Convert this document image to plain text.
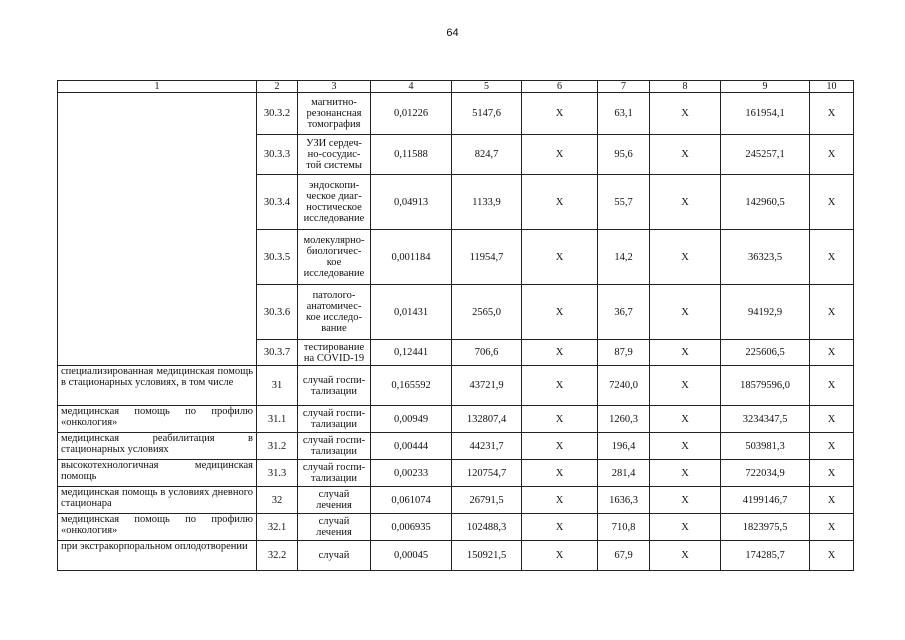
64
1	2	3	4	5	6	7	8	9	10
	30.3.2	магнитно-
резонансная
томография	0,01226	5147,6	Х	63,1	Х	161954,1	Х
	30.3.3	УЗИ сердеч-
но-сосудис-
той системы	0,11588	824,7	Х	95,6	Х	245257,1	Х
	30.3.4	эндоскопи-
ческое диаг-
ностическое
исследование	0,04913	1133,9	Х	55,7	Х	142960,5	Х
	30.3.5	молекулярно-
биологичес-
кое
исследование	0,001184	11954,7	Х	14,2	Х	36323,5	Х
	30.3.6	патолого-
анатомичес-
кое исследо-
вание	0,01431	2565,0	Х	36,7	Х	94192,9	Х
	30.3.7	тестирование
на COVID-19	0,12441	706,6	Х	87,9	Х	225606,5	Х
специализированная медицинская помощь в стационарных условиях, в том числе	31	случай госпи-
тализации	0,165592	43721,9	Х	7240,0	Х	18579596,0	Х
медицинская помощь по профилю «онкология»	31.1	случай госпи-
тализации	0,00949	132807,4	Х	1260,3	Х	3234347,5	Х
медицинская реабилитация в стационарных условиях	31.2	случай госпи-
тализации	0,00444	44231,7	Х	196,4	Х	503981,3	Х
высокотехнологичная медицинская помощь	31.3	случай госпи-
тализации	0,00233	120754,7	Х	281,4	Х	722034,9	Х
медицинская помощь в условиях дневного стационара	32	случай
лечения	0,061074	26791,5	Х	1636,3	Х	4199146,7	Х
медицинская помощь по профилю «онкология»	32.1	случай
лечения	0,006935	102488,3	Х	710,8	Х	1823975,5	Х
при экстракорпоральном оплодотворении	32.2	случай	0,00045	150921,5	Х	67,9	Х	174285,7	Х
